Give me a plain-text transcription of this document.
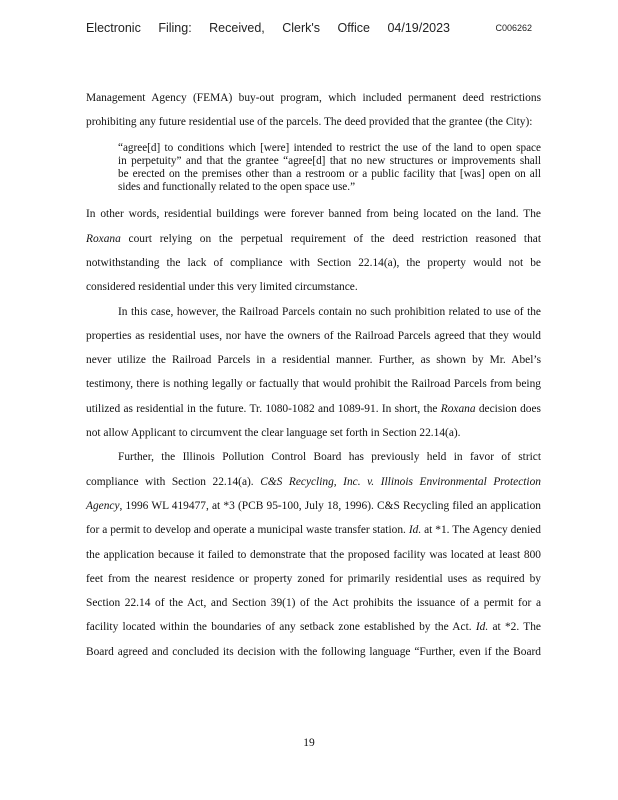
Electronic Filing: Received, Clerk's Office 04/19/2023	C006262

Management Agency (FEMA) buy-out program, which included permanent deed restrictions
prohibiting any future residential use of the parcels. The deed provided that the grantee (the City):

“agree[d] to conditions which [were] intended to restrict the use of the land to open space
in perpetuity” and that the grantee “agree[d] that no new structures or improvements shall
be erected on the premises other than a restroom or a public facility that [was] open on all
sides and functionally related to the open space use.”

In other words, residential buildings were forever banned from being located on the land. The
Roxana court relying on the perpetual requirement of the deed restriction reasoned that
notwithstanding the lack of compliance with Section 22.14(a), the property would not be
considered residential under this very limited circumstance.

In this case, however, the Railroad Parcels contain no such prohibition related to use of the
properties as residential uses, nor have the owners of the Railroad Parcels agreed that they would
never utilize the Railroad Parcels in a residential manner. Further, as shown by Mr. Abel’s
testimony, there is nothing legally or factually that would prohibit the Railroad Parcels from being
utilized as residential in the future. Tr. 1080-1082 and 1089-91. In short, the Roxana decision does
not allow Applicant to circumvent the clear language set forth in Section 22.14(a).

Further, the Illinois Pollution Control Board has previously held in favor of strict
compliance with Section 22.14(a). C&S Recycling, Inc. v. Illinois Environmental Protection
Agency, 1996 WL 419477, at *3 (PCB 95-100, July 18, 1996). C&S Recycling filed an application
for a permit to develop and operate a municipal waste transfer station. Id. at *1. The Agency denied
the application because it failed to demonstrate that the proposed facility was located at least 800
feet from the nearest residence or property zoned for primarily residential uses as required by
Section 22.14 of the Act, and Section 39(1) of the Act prohibits the issuance of a permit for a
facility located within the boundaries of any setback zone established by the Act. Id. at *2. The
Board agreed and concluded its decision with the following language “Further, even if the Board

19
